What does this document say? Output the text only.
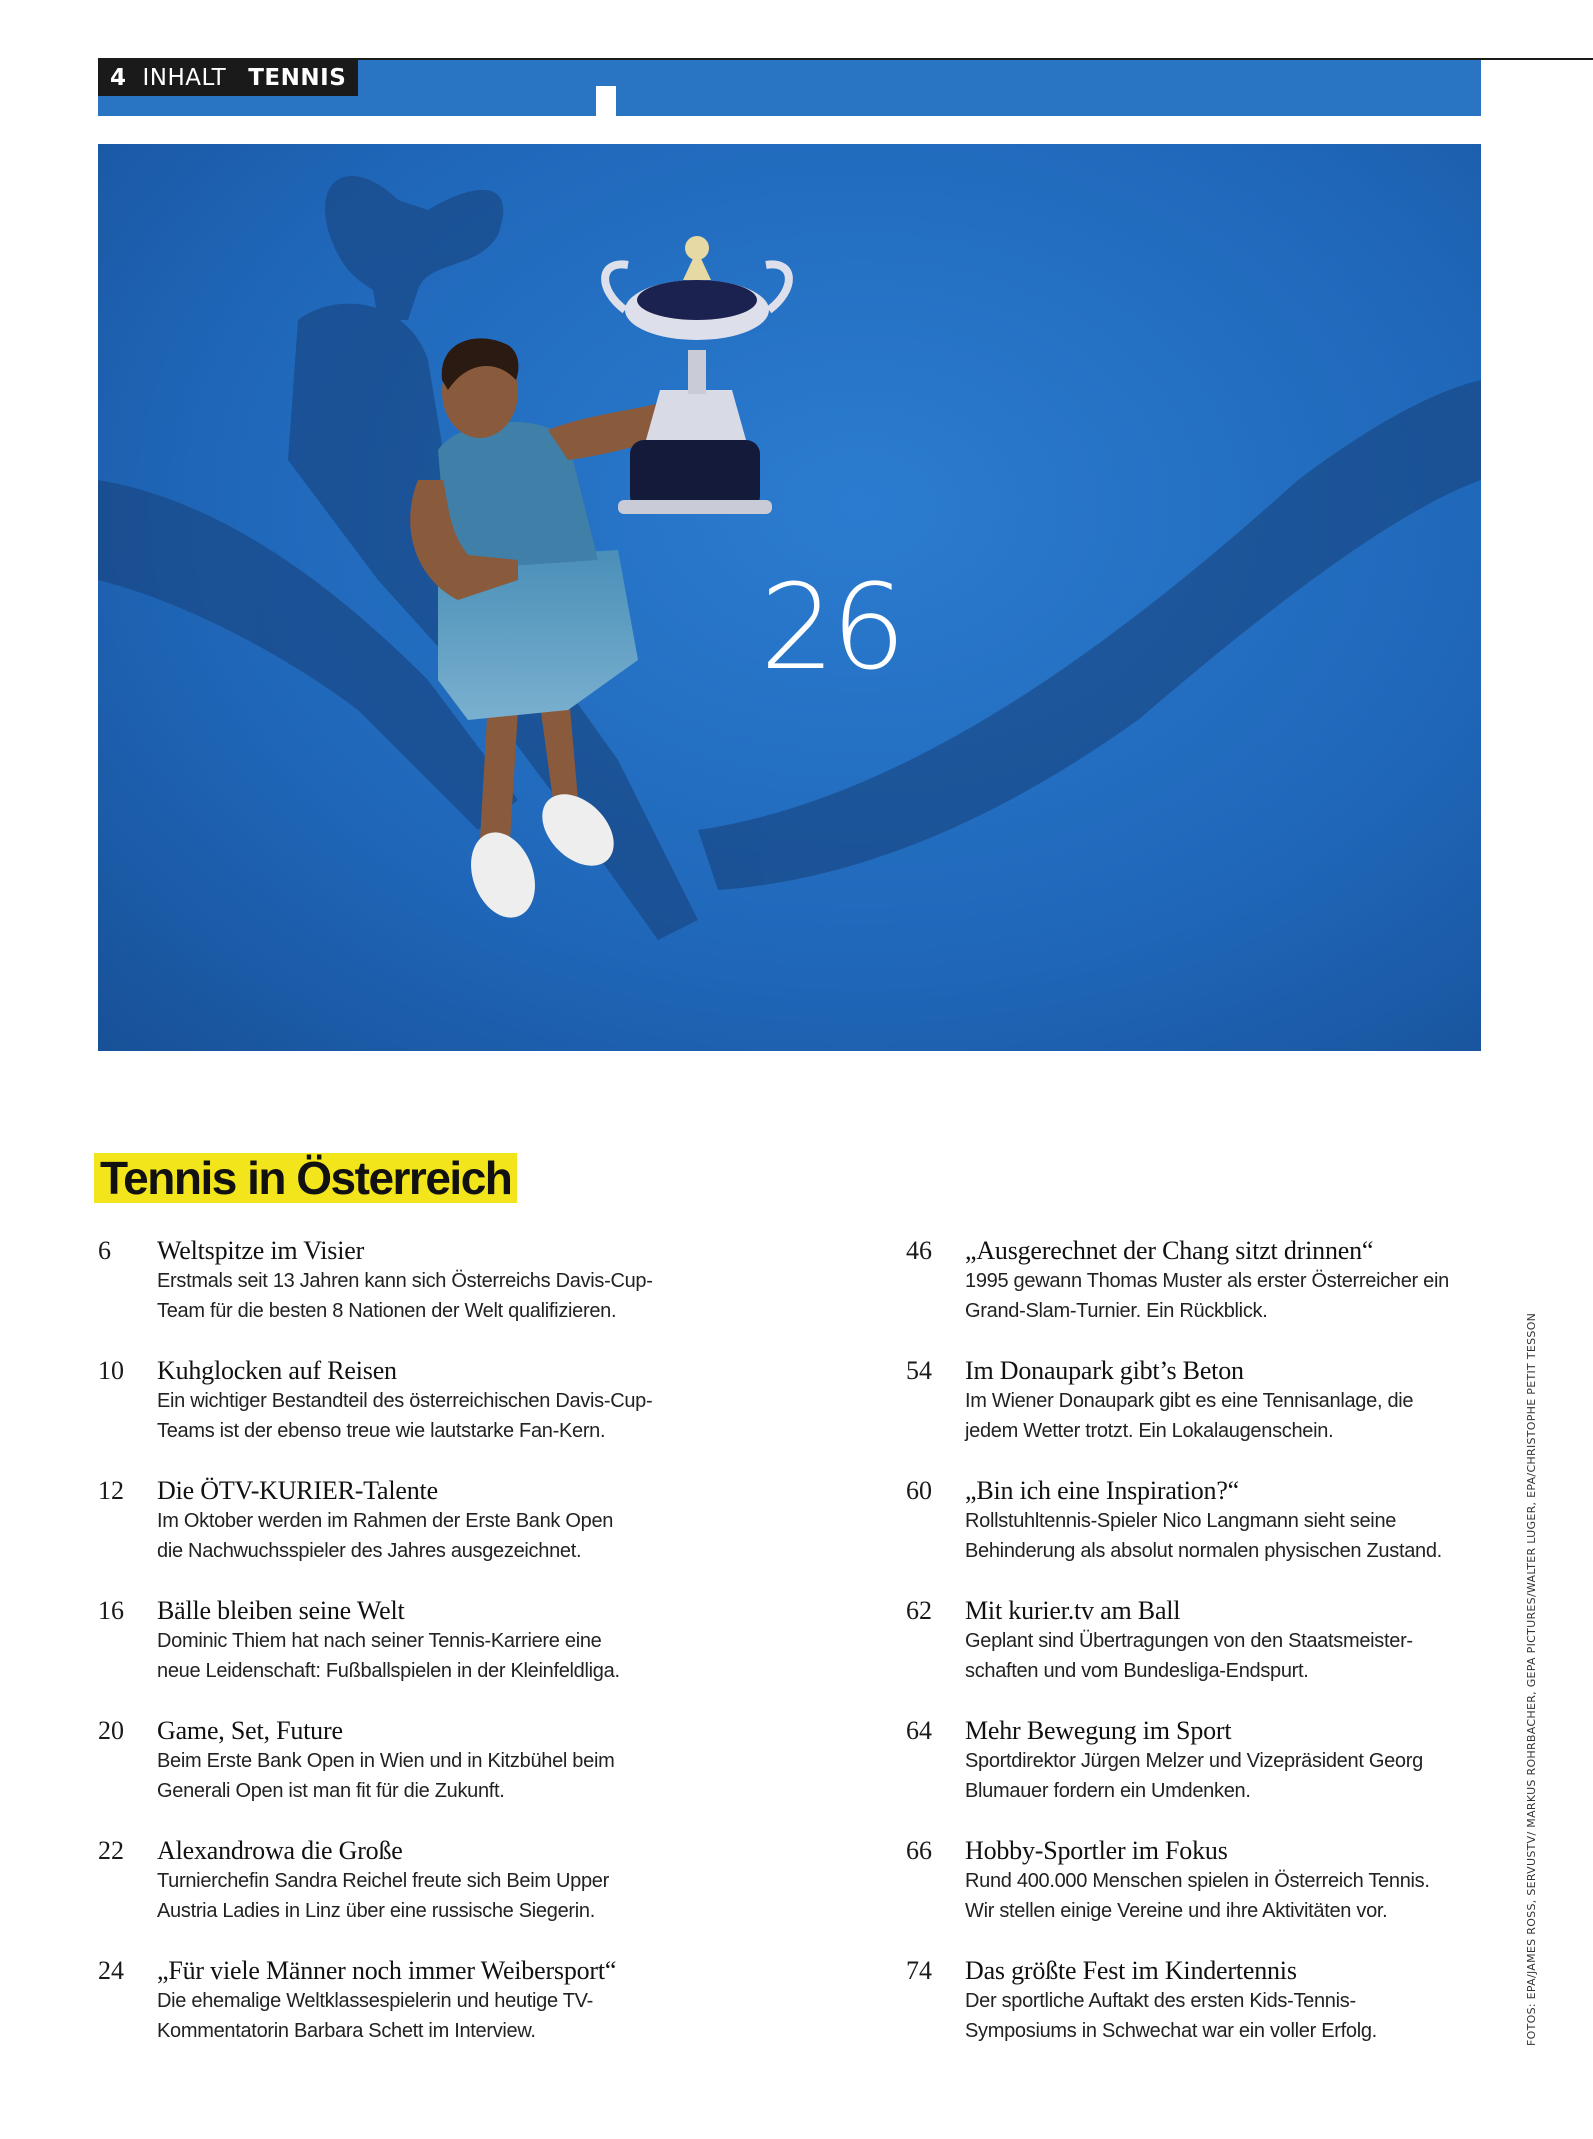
4 INHALT TENNIS
26
Tennis in Österreich
6 Weltspitze im Visier
Erstmals seit 13 Jahren kann sich Österreichs Davis-Cup-
Team für die besten 8 Nationen der Welt qualifizieren.
10 Kuhglocken auf Reisen
Ein wichtiger Bestandteil des österreichischen Davis-Cup-
Teams ist der ebenso treue wie lautstarke Fan-Kern.
12 Die ÖTV-KURIER-Talente
Im Oktober werden im Rahmen der Erste Bank Open
die Nachwuchsspieler des Jahres ausgezeichnet.
16 Bälle bleiben seine Welt
Dominic Thiem hat nach seiner Tennis-Karriere eine
neue Leidenschaft: Fußballspielen in der Kleinfeldliga.
20 Game, Set, Future
Beim Erste Bank Open in Wien und in Kitzbühel beim
Generali Open ist man fit für die Zukunft.
22 Alexandrowa die Große
Turnierchefin Sandra Reichel freute sich Beim Upper
Austria Ladies in Linz über eine russische Siegerin.
24 „Für viele Männer noch immer Weibersport“
Die ehemalige Weltklassespielerin und heutige TV-
Kommentatorin Barbara Schett im Interview.
46 „Ausgerechnet der Chang sitzt drinnen“
1995 gewann Thomas Muster als erster Österreicher ein
Grand-Slam-Turnier. Ein Rückblick.
54 Im Donaupark gibt’s Beton
Im Wiener Donaupark gibt es eine Tennisanlage, die
jedem Wetter trotzt. Ein Lokalaugenschein.
60 „Bin ich eine Inspiration?“
Rollstuhltennis-Spieler Nico Langmann sieht seine
Behinderung als absolut normalen physischen Zustand.
62 Mit kurier.tv am Ball
Geplant sind Übertragungen von den Staatsmeister-
schaften und vom Bundesliga-Endspurt.
64 Mehr Bewegung im Sport
Sportdirektor Jürgen Melzer und Vizepräsident Georg
Blumauer fordern ein Umdenken.
66 Hobby-Sportler im Fokus
Rund 400.000 Menschen spielen in Österreich Tennis.
Wir stellen einige Vereine und ihre Aktivitäten vor.
74 Das größte Fest im Kindertennis
Der sportliche Auftakt des ersten Kids-Tennis-
Symposiums in Schwechat war ein voller Erfolg.	FOTOS: EPA/JAMES ROSS, SERVUSTV/ MARKUS ROHRBACHER, GEPA PICTURES/WALTER LUGER, EPA/CHRISTOPHE PETIT TESSON
